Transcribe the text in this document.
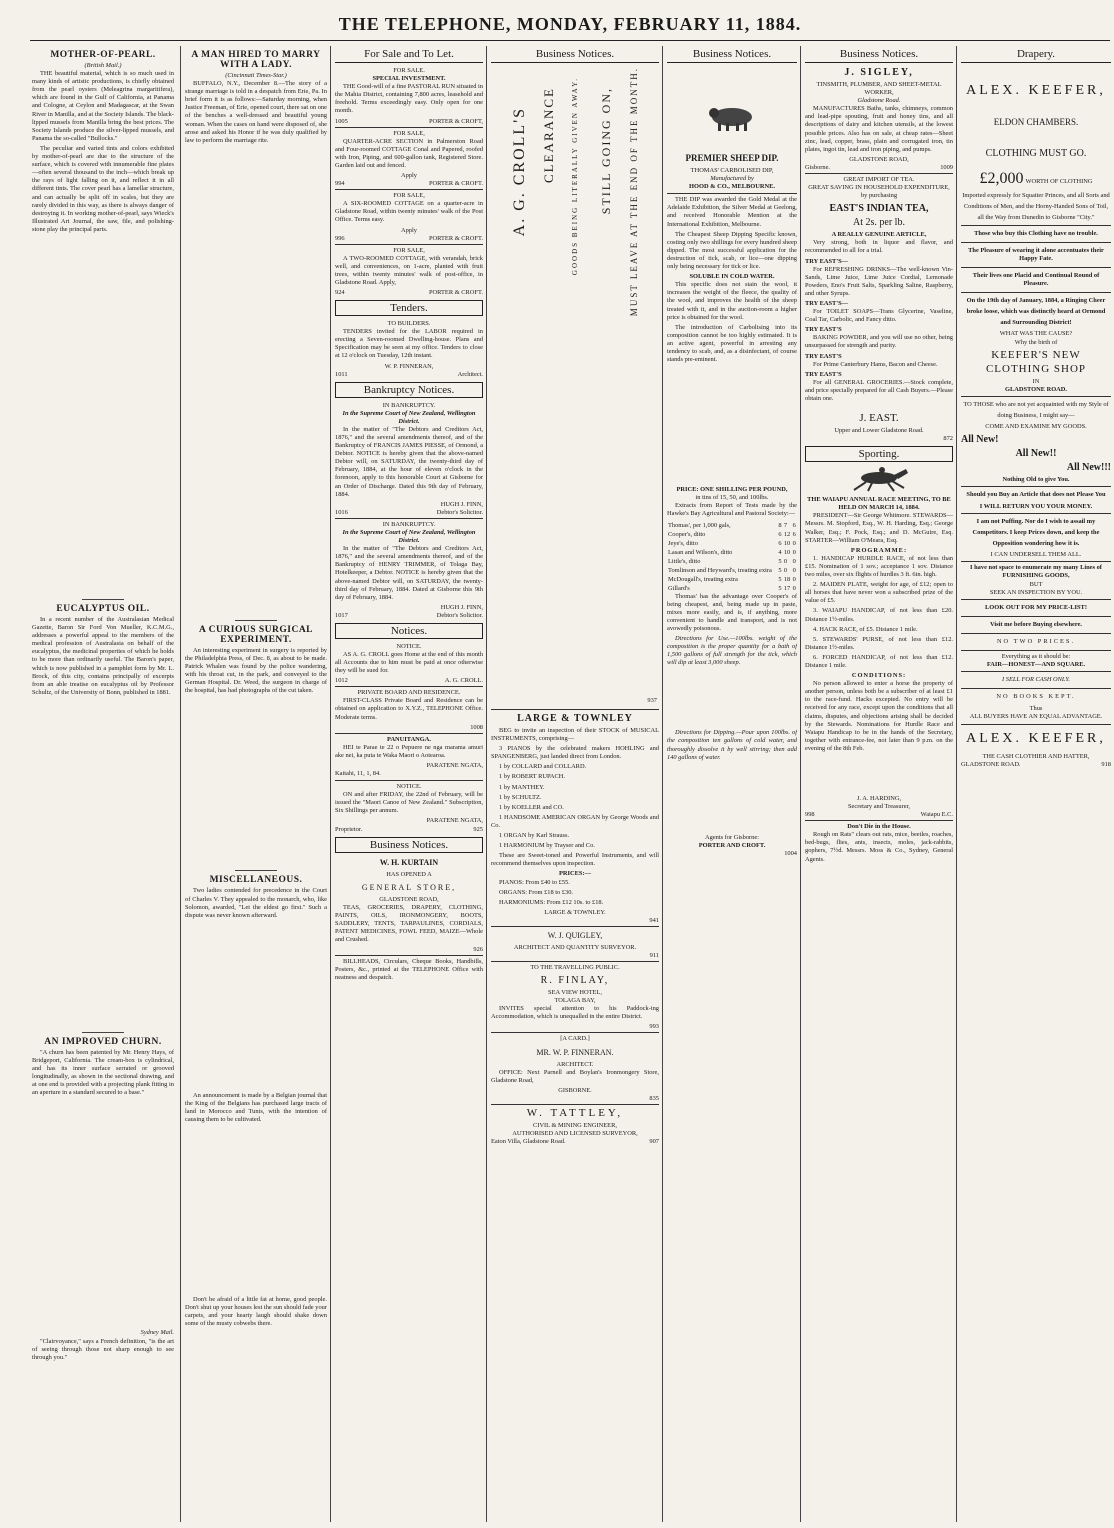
THE TELEPHONE, MONDAY, FEBRUARY 11, 1884.
MOTHER-OF-PEARL.
(British Mail.)

THE beautiful material, which is so much used in many kinds of artistic productions, is chiefly obtained from the pearl oysters (Meleagrina margaritifera), which are found in the Gulf of California, at Panama and Cologne, at Ceylon and Madagascar, at the Swan River in Manilla, and at the Society Islands. The black-lipped mussels from Manilla bring the best prices. The Society Islands produce the silver-lipped mussels, and Panama the so-called "Bullocks."

The peculiar and varied tints and colors exhibited by mother-of-pearl are due to the structure of the surface, which is covered with innumerable fine plates—often several thousand to the inch—which break up the rays of light falling on it, and reflect it in all different tints. The cover pearl has a lamellar structure, and can actually be split off in scales, but they are rarely divided in this way, as there is always danger of destroying it. In working mother-of-pearl, says Wieck's Illustrated Art Journal, the saw, file, and polishing-stone play the principal parts.

EUCALYPTUS OIL.

In a recent number of the Australasian Medical Gazette, Baron Sir Ford Von Mueller, K.C.M.G., addresses a powerful appeal to the members of the medical profession of Australasia on behalf of the eucalyptus, the medicinal properties of which he holds to be more than ordinarily useful. The Baron's paper, which is now published in a pamphlet form by Mr. L. Brock, of this city, contains principally of excerpts from an able treatise on eucalyptus oil by Professor Schultz, of the University of Bonn, published in 1881.

AN IMPROVED CHURN.

"A churn has been patented by Mr. Henry Hays, of Bridgeport, California. The cream-box is cylindrical, and has its inner surface serrated or grooved longitudinally, as shown in the sectional drawing, and at one end is provided with a projecting plank fitting in an aperture in a standard secured to a base."

Sydney Mail.

"Clairvoyance," says a French definition, "is the art of seeing through those not sharp enough to see through you."

A MAN HIRED TO MARRY WITH A LADY.
(Cincinnati Times-Star.)

BUFFALO, N.Y., December 8.—The story of a strange marriage is told in a despatch from Erie, Pa. In brief form it is as follows:—Saturday morning, when Justice Freeman, of Erie, opened court, there sat on one of the benches a well-dressed and beautiful young woman. When the cases on hand were disposed of, she arose and asked his Honor if he was duly qualified by law to perform the marriage rite.

A CURIOUS SURGICAL EXPERIMENT.

An interesting experiment in surgery is reported by the Philadelphia Press, of Dec. 8, as about to be made. Patrick Whalen was found by the police wandering, with his throat cut, in the park, and conveyed to the German Hospital. Dr. Weed, the surgeon in charge of the hospital, has had photographs of the cut taken.

MISCELLANEOUS.

Two ladies contended for precedence in the Court of Charles V. They appealed to the monarch, who, like Solomon, awarded, "Let the eldest go first." Such a dispute was never known afterward.

An announcement is made by a Belgian journal that the King of the Belgians has purchased large tracts of land in Morocco and Tunis, with the intention of causing them to be cultivated.

Don't be afraid of a little fat at home, good people. Don't shut up your houses lest the sun should fade your carpets, and your hearty laugh should shake down some of the musty cobwebs there.

For Sale and To Let.
FOR SALE.
SPECIAL INVESTMENT.

THE Good-will of a fine PASTORAL RUN situated in the Mahia District, containing 7,800 acres, leasehold and freehold. Terms exceedingly easy. Only open for one month.

1005	PORTER & CROFT,
FOR SALE,

QUARTER-ACRE SECTION in Palmerston Road and Four-roomed COTTAGE Conal and Papered, roofed with Iron, Piping, and 600-gallon tank, Registered Store. Garden laid out and fenced.

Apply
994	PORTER & CROFT.
FOR SALE,

A SIX-ROOMED COTTAGE on a quarter-acre in Gladstone Road, within twenty minutes' walk of the Post Office. Terms easy.

Apply
996	PORTER & CROFT.
FOR SALE,

A TWO-ROOMED COTTAGE, with verandah, brick well, and conveniences, on 1-acre, planted with fruit trees, within twenty minutes' walk of post-office, in Gladstone Road. Apply,

924	PORTER & CROFT.
Tenders.
TO BUILDERS.

TENDERS invited for the LABOR required in erecting a Seven-roomed Dwelling-house. Plans and Specification may be seen at my office. Tenders to close at 12 o'clock on Tuesday, 12th instant.

W. P. FINNERAN,
1011	Architect.
Bankruptcy Notices.
IN BANKRUPTCY.
In the Supreme Court of New Zealand, Wellington District.

In the matter of "The Debtors and Creditors Act, 1876," and the several amendments thereof, and of the Bankruptcy of FRANCIS JAMES PIESSE, of Ormond, a Debtor. NOTICE is hereby given that the above-named Debtor will, on SATURDAY, the twenty-third day of February, 1884, at the hour of eleven o'clock in the forenoon, apply to this honorable Court at Gisborne for an Order of Discharge. Dated this 9th day of February, 1884.

HUGH J. FINN,
1016	Debtor's Solicitor.
IN BANKRUPTCY.
In the Supreme Court of New Zealand, Wellington District.

In the matter of "The Debtors and Creditors Act, 1876," and the several amendments thereof, and of the Bankruptcy of HENRY TRIMMER, of Tolaga Bay, Hotelkeeper, a Debtor. NOTICE is hereby given that the above-named Debtor will, on SATURDAY, the twenty-third day of February, 1884. Dated at Gisborne this 9th day of February, 1884.

HUGH J. FINN,
1017	Debtor's Solicitor.
Notices.
NOTICE.

AS A. G. CROLL goes Home at the end of this month all Accounts due to him must be paid at once otherwise they will be sued for.

1012	A. G. CROLL.
PRIVATE BOARD AND RESIDENCE.

FIRST-CLASS Private Board and Residence can be obtained on application to X.Y.Z., TELEPHONE Office. Moderate terms.

1008
PANUITANGA.

HEI te Parae te 22 o Pepuere ne nga marama amuri ake nei, ka puta te Waka Maori o Aotearoa.

PARATENE NGATA,
Kaitahi, 11, 1, 84.
NOTICE.

ON and after FRIDAY, the 22nd of February, will be issued the "Maori Canoe of New Zealand." Subscription, Six Shillings per annum.

PARATENE NGATA,
Proprietor.	925
Business Notices.
W. H. KURTAIN
HAS OPENED A
GENERAL STORE,
GLADSTONE ROAD,

TEAS, GROCERIES, DRAPERY, CLOTHING, PAINTS, OILS, IRONMONGERY, BOOTS, SADDLERY, TENTS, TARPAULINES, CORDIALS, PATENT MEDICINES, FOWL FEED, MAIZE—Whole and Crushed.

926

BILLHEADS, Circulars, Cheque Books, Handbills, Posters, &c., printed at the TELEPHONE Office with neatness and despatch.

Business Notices.
A. G. CROLL'S CLEARANCE GOODS BEING LITERALLY GIVEN AWAY. STILL GOING ON, MUST LEAVE AT THE END OF THE MONTH.
937
LARGE & TOWNLEY

BEG to invite an inspection of their STOCK of MUSICAL INSTRUMENTS, comprising—

3 PIANOS by the celebrated makers HOHLING and SPANGENBERG, just landed direct from London.
1 by COLLARD and COLLARD.
1 by ROBERT RUPACH.
1 by MANTHEY.
1 by SCHULTZ.
1 by KOELLER and CO.
1 HANDSOME AMERICAN ORGAN by George Woods and Co.
1 ORGAN by Karl Strauss.
1 HARMONIUM by Trayser and Co.

These are Sweet-toned and Powerful Instruments, and will recommend themselves upon inspection.

PRICES:—
PIANOS: From £40 to £55.
ORGANS: From £18 to £30.
HARMONIUMS: From £12 10s. to £18.
LARGE & TOWNLEY.
941
W. J. QUIGLEY,
ARCHITECT AND QUANTITY SURVEYOR.
911
TO THE TRAVELLING PUBLIC.
R. FINLAY,
SEA VIEW HOTEL,
TOLAGA BAY,

INVITES special attention to his Paddock-ing Accommodation, which is unequalled in the entire District.

993
[A CARD.]
MR. W. P. FINNERAN.
ARCHITECT.

OFFICE: Next Parnell and Boylan's Ironmongery Store, Gladstone Road,

GISBORNE.
835
W. TATTLEY,
CIVIL & MINING ENGINEER,
AUTHORISED AND LICENSED SURVEYOR,
Eaton Villa, Gladstone Road.	907
Business Notices.
PREMIER SHEEP DIP.
THOMAS' CARBOLISED DIP,
Manufactured by
HOOD & CO., MELBOURNE.

THE DIP was awarded the Gold Medal at the Adelaide Exhibition, the Silver Medal at Geelong, and received Honorable Mention at the International Exhibition, Melbourne.

The Cheapest Sheep Dipping Specific known, costing only two shillings for every hundred sheep dipped. The most successful application for the destruction of tick, scab, or lice—one dipping only being necessary for tick or lice.

SOLUBLE IN COLD WATER.

This specific does not stain the wool, it increases the weight of the fleece, the quality of the wool, and improves the health of the sheep treated with it, and in the auction-room a higher price is obtained for the wool.

The introduction of Carbolising into its composition cannot be too highly estimated. It is an active agent, powerful in arresting any tendency to scab, and, as a disinfectant, of course stands pre-eminent.

PRICE: ONE SHILLING PER POUND,
in tins of 15, 50, and 100lbs.

Extracts from Report of Tests made by the Hawke's Bay Agricultural and Pastoral Society:—

Thomas', per 1,000 gals,	8	7	6
Cooper's, ditto	6	12	6
Jeye's, ditto	6	10	0
Lasan and Wilson's, ditto	4	10	0
Little's, ditto	5	0	0
Tomlinson and Heyward's, treating extra	5	0	0
McDougall's, treating extra	5	18	0
Gillard's	5	17	0

Thomas' has the advantage over Cooper's of being cheapest, and, being made up in paste, mixes more easily, and is, if anything, more convenient to handle and transport, and is not avowedly poisonous.

Directions for Use.—100lbs. weight of the composition is the proper quantity for a bath of 1,500 gallons of full strength for the tick, which will dip at least 3,000 sheep.

Directions for Dipping.—Pour upon 100lbs. of the composition ten gallons of cold water, and thoroughly dissolve it by well stirring; then add 140 gallons of water.

Agents for Gisborne:
PORTER AND CROFT.
1004
Business Notices.
J. SIGLEY,
TINSMITH, PLUMBER, AND SHEET-METAL WORKER,
Gladstone Road.

MANUFACTURES Baths, tanks, chimneys, common and lead-pipe spouting, fruit and honey tins, and all descriptions of dairy and kitchen utensils, at the lowest possible prices. Also has on sale, at cheap rates—Sheet zinc, lead, copper, brass, plain and corrugated iron, tin plates, ingot tin, lead and iron piping, and pumps.

GLADSTONE ROAD,
Gisborne.	1009
GREAT IMPORT OF TEA.
GREAT SAVING IN HOUSEHOLD EXPENDITURE, by purchasing
EAST'S INDIAN TEA,
At 2s. per lb.
A REALLY GENUINE ARTICLE,

Very strong, both in liquor and flavor, and recommended to all for a trial.

TRY EAST'S—

For REFRESHING DRINKS—The well-known Vin-Sands, Lime Juice, Lime Juice Cordial, Lemonade Powders, Eno's Fruit Salts, Sparkling Saline, Raspberry, and other Syrups.

TRY EAST'S—

For TOILET SOAPS—Trans Glycerine, Vaseline, Coal Tar, Carbolic, and Fancy ditto.

TRY EAST'S

BAKING POWDER, and you will use no other, being unsurpassed for strength and purity.

TRY EAST'S

For Prime Canterbury Hams, Bacon and Cheese.

TRY EAST'S

For all GENERAL GROCERIES.—Stock complete, and price specially prepared for all Cash Buyers.—Please obtain one.

J. EAST.
Upper and Lower Gladstone Road.
872
Sporting.
THE WAIAPU ANNUAL RACE MEETING, TO BE HELD ON MARCH 14, 1884.

PRESIDENT—Sir George Whitmore. STEWARDS—Messrs. M. Stopford, Esq., W. H. Harding, Esq.; George Walker, Esq.; F. Pock, Esq.; and D. McGuire, Esq. STARTER—William O'Meara, Esq.

PROGRAMME:

1. HANDICAP HURDLE RACE, of not less than £15. Nomination of 1 sov.; acceptance 1 sov. Distance two miles, over six flights of hurdles 3 ft. 6in. high.

2. MAIDEN PLATE, weight for age, of £12; open to all horses that have never won a subscribed prize of the value of £5.

3. WAIAPU HANDICAP, of not less than £20. Distance 1½-miles.

4. HACK RACE, of £5. Distance 1 mile.

5. STEWARDS' PURSE, of not less than £12. Distance 1½-miles.

6. FORCED HANDICAP, of not less than £12. Distance 1 mile.

CONDITIONS:

No person allowed to enter a horse the property of another person, unless both be a subscriber of at least £1 to the race-fund. Hacks excepted. No entry will be received for any race, except upon the conditions that all claims, disputes, and objections arising shall be decided by the Stewards. Nominations for Hurdle Race and Waiapu Handicap to be in the hands of the Secretary, together with entrance-fee, not later than 9 p.m. on the evening of the 8th Feb.

J. A. HARDING,
Secretary and Treasurer,
998	Waiapu E.C.
Don't Die in the House.

Rough on Rats" clears out rats, mice, beetles, roaches, bed-bugs, flies, ants, insects, moles, jack-rabbits, gophers, 7½d. Messrs. Moss & Co., Sydney, General Agents.

Drapery.
ALEX. KEEFER,
ELDON CHAMBERS.
CLOTHING MUST GO.
£2,000 WORTH OF CLOTHING

Imported expressly for Squatter Princes, and all Sorts and Conditions of Men, and the Horny-Handed Sons of Toil, all the Way from Dunedin to Gisborne "City."

Those who buy this Clothing have no trouble.
The Pleasure of wearing it alone accentuates their Happy Fate.
Their lives one Placid and Continual Round of Pleasure.

On the 19th day of January, 1884, a Ringing Cheer broke loose, which was distinctly heard at Ormond and Surrounding District!

WHAT WAS THE CAUSE?
Why the birth of
KEEFER'S NEW
CLOTHING SHOP
IN
GLADSTONE ROAD.

TO THOSE who are not yet acquainted with my Style of doing Business, I might say—

COME AND EXAMINE MY GOODS.
All New!
All New!!
All New!!!
Nothing Old to give You.
Should you Buy an Article that does not Please You
I WILL RETURN YOU YOUR MONEY.

I am not Puffing. Nor do I wish to assail my Competitors. I keep Prices down, and keep the Opposition wondering how it is.

I CAN UNDERSELL THEM ALL.
I have not space to enumerate my many Lines of
FURNISHING GOODS,
BUT
SEEK AN INSPECTION BY YOU.
LOOK OUT FOR MY PRICE-LIST!
Visit me before Buying elsewhere.
NO TWO PRICES.
Everything as it should be:
FAIR—HONEST—AND SQUARE.
I SELL FOR CASH ONLY.
NO BOOKS KEPT.
Thus
ALL BUYERS HAVE AN EQUAL ADVANTAGE.
ALEX. KEEFER,
THE CASH CLOTHIER AND HATTER,
GLADSTONE ROAD.	918
